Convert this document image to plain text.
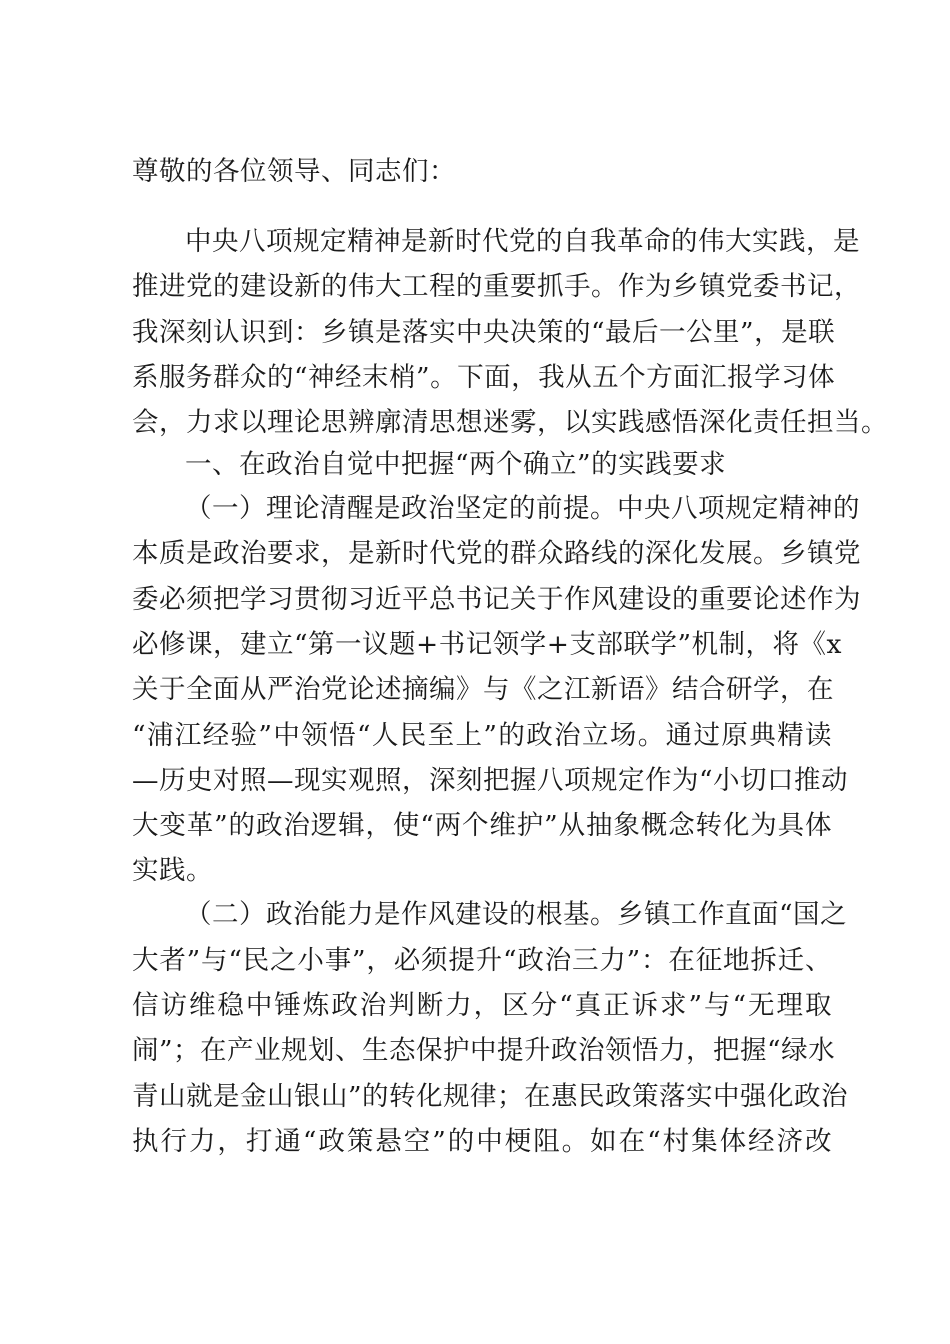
尊敬的各位领导、同志们：
中央八项规定精神是新时代党的自我革命的伟大实践，是
推进党的建设新的伟大工程的重要抓手。作为乡镇党委书记，
我深刻认识到：乡镇是落实中央决策的“最后一公里”，是联
系服务群众的“神经末梢”。下面，我从五个方面汇报学习体
会，力求以理论思辨廓清思想迷雾，以实践感悟深化责任担当。
一、在政治自觉中把握“两个确立”的实践要求
（一）理论清醒是政治坚定的前提。中央八项规定精神的
本质是政治要求，是新时代党的群众路线的深化发展。乡镇党
委必须把学习贯彻习近平总书记关于作风建设的重要论述作为
必修课，建立“第一议题+书记领学+支部联学”机制，将《x
关于全面从严治党论述摘编》与《之江新语》结合研学，在
“浦江经验”中领悟“人民至上”的政治立场。通过原典精读
—历史对照—现实观照，深刻把握八项规定作为“小切口推动
大变革”的政治逻辑，使“两个维护”从抽象概念转化为具体
实践。
（二）政治能力是作风建设的根基。乡镇工作直面“国之
大者”与“民之小事”，必须提升“政治三力”：在征地拆迁、
信访维稳中锤炼政治判断力，区分“真正诉求”与“无理取
闹”；在产业规划、生态保护中提升政治领悟力，把握“绿水
青山就是金山银山”的转化规律；在惠民政策落实中强化政治
执行力，打通“政策悬空”的中梗阻。如在“村集体经济改
